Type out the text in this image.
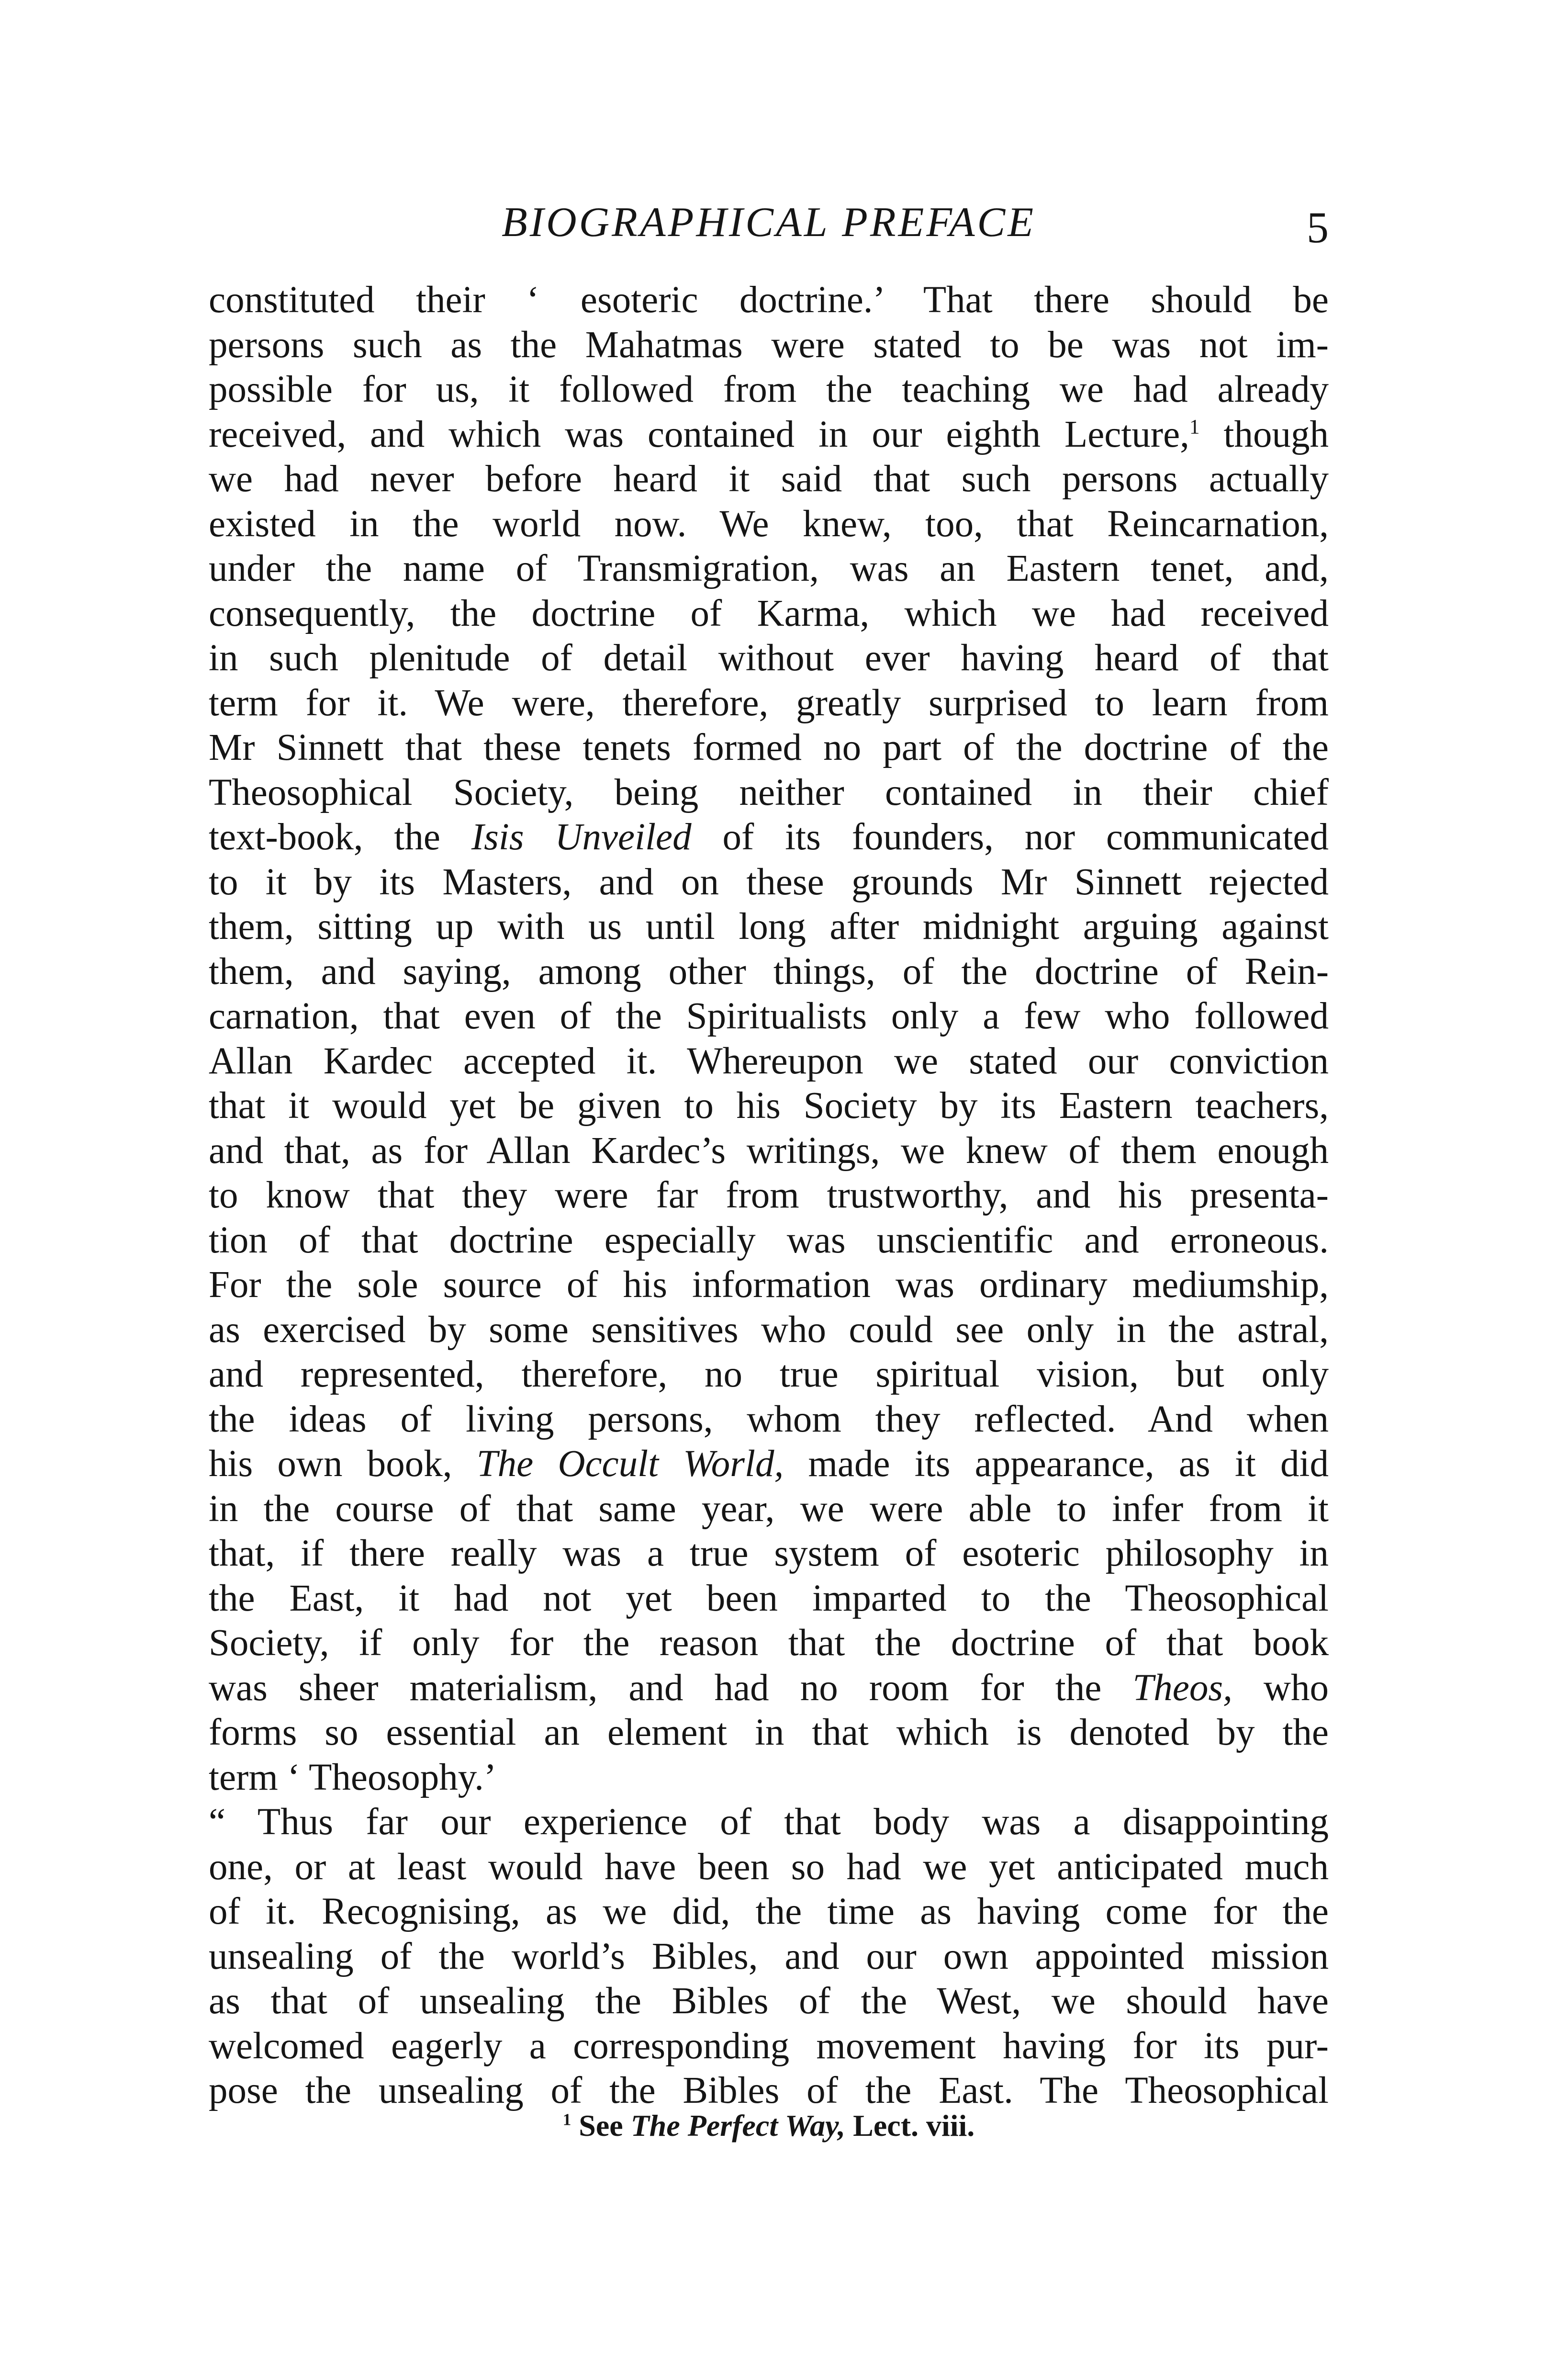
BIOGRAPHICAL PREFACE	5
constituted their ‘ esoteric doctrine.’ That there should be
persons such as the Mahatmas were stated to be was not im-
possible for us, it followed from the teaching we had already
received, and which was contained in our eighth Lecture,$^1$ though
we had never before heard it said that such persons actually
existed in the world now. We knew, too, that Reincarnation,
under the name of Transmigration, was an Eastern tenet, and,
consequently, the doctrine of Karma, which we had received
in such plenitude of detail without ever having heard of that
term for it. We were, therefore, greatly surprised to learn from
Mr Sinnett that these tenets formed no part of the doctrine of the
Theosophical Society, being neither contained in their chief
text-book, the Isis Unveiled of its founders, nor communicated
to it by its Masters, and on these grounds Mr Sinnett rejected
them, sitting up with us until long after midnight arguing against
them, and saying, among other things, of the doctrine of Rein-
carnation, that even of the Spiritualists only a few who followed
Allan Kardec accepted it. Whereupon we stated our conviction
that it would yet be given to his Society by its Eastern teachers,
and that, as for Allan Kardec’s writings, we knew of them enough
to know that they were far from trustworthy, and his presenta-
tion of that doctrine especially was unscientific and erroneous.
For the sole source of his information was ordinary mediumship,
as exercised by some sensitives who could see only in the astral,
and represented, therefore, no true spiritual vision, but only
the ideas of living persons, whom they reflected. And when
his own book, The Occult World, made its appearance, as it did
in the course of that same year, we were able to infer from it
that, if there really was a true system of esoteric philosophy in
the East, it had not yet been imparted to the Theosophical
Society, if only for the reason that the doctrine of that book
was sheer materialism, and had no room for the Theos, who
forms so essential an element in that which is denoted by the
term ‘ Theosophy.’
“ Thus far our experience of that body was a disappointing
one, or at least would have been so had we yet anticipated much
of it. Recognising, as we did, the time as having come for the
unsealing of the world’s Bibles, and our own appointed mission
as that of unsealing the Bibles of the West, we should have
welcomed eagerly a corresponding movement having for its pur-
pose the unsealing of the Bibles of the East. The Theosophical
$^1$ See The Perfect Way, Lect. viii.
